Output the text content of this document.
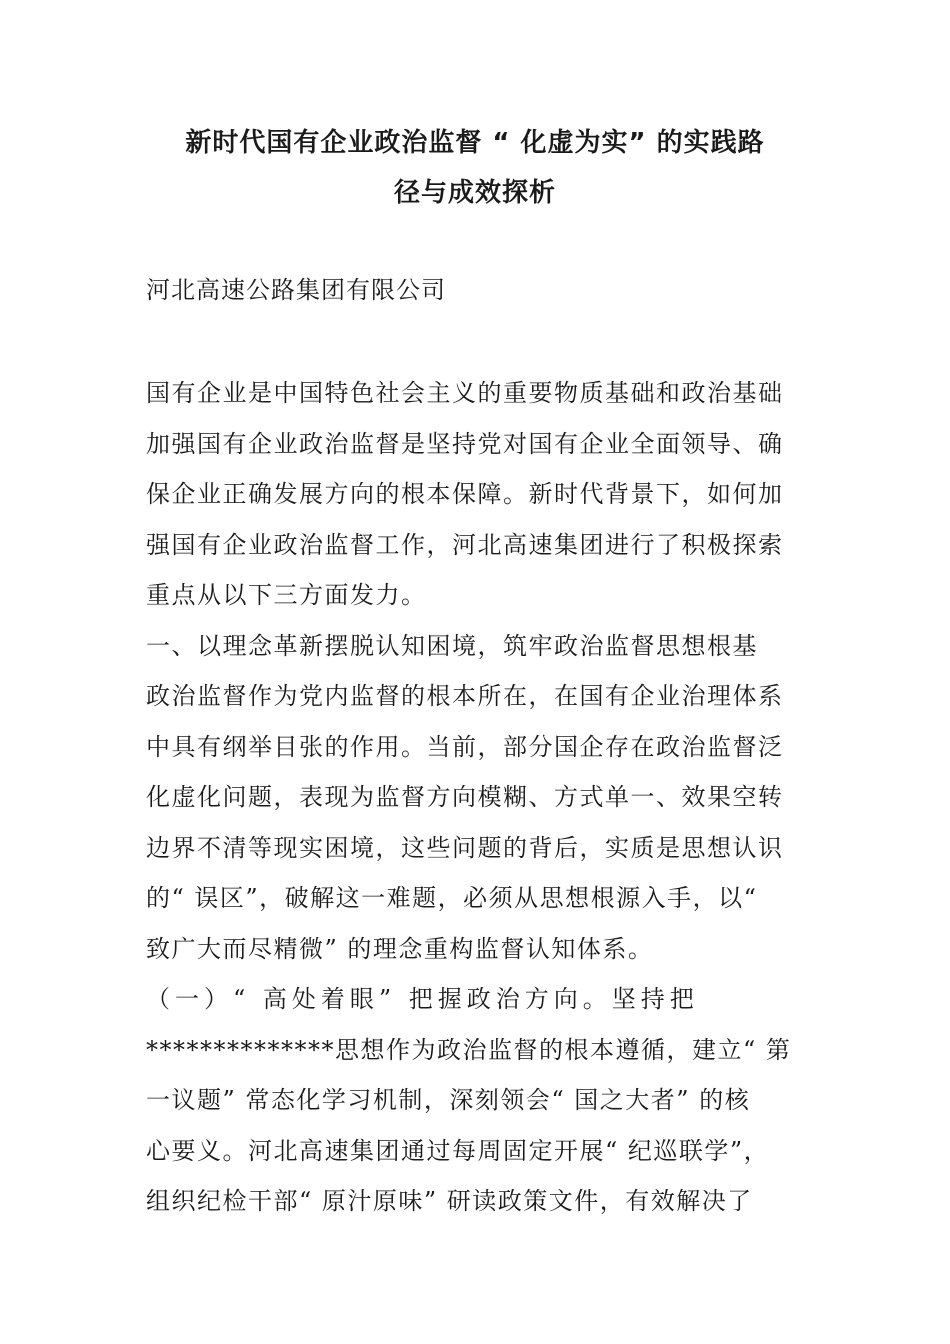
新时代国有企业政治监督 “ 化虚为实” 的实践路
径与成效探析

河北高速公路集团有限公司

国有企业是中国特色社会主义的重要物质基础和政治基础
加强国有企业政治监督是坚持党对国有企业全面领导、确
保企业正确发展方向的根本保障。新时代背景下，如何加
强国有企业政治监督工作，河北高速集团进行了积极探索
重点从以下三方面发力。
一、以理念革新摆脱认知困境，筑牢政治监督思想根基
政治监督作为党内监督的根本所在，在国有企业治理体系
中具有纲举目张的作用。当前，部分国企存在政治监督泛
化虚化问题，表现为监督方向模糊、方式单一、效果空转
边界不清等现实困境，这些问题的背后，实质是思想认识
的“ 误区”，破解这一难题，必须从思想根源入手，以“
致广大而尽精微” 的理念重构监督认知体系。
（一）“ 高处着眼” 把握政治方向。坚持把
**************思想作为政治监督的根本遵循，建立“ 第
一议题” 常态化学习机制，深刻领会“ 国之大者” 的核
心要义。河北高速集团通过每周固定开展“ 纪巡联学”，
组织纪检干部“ 原汁原味” 研读政策文件，有效解决了
